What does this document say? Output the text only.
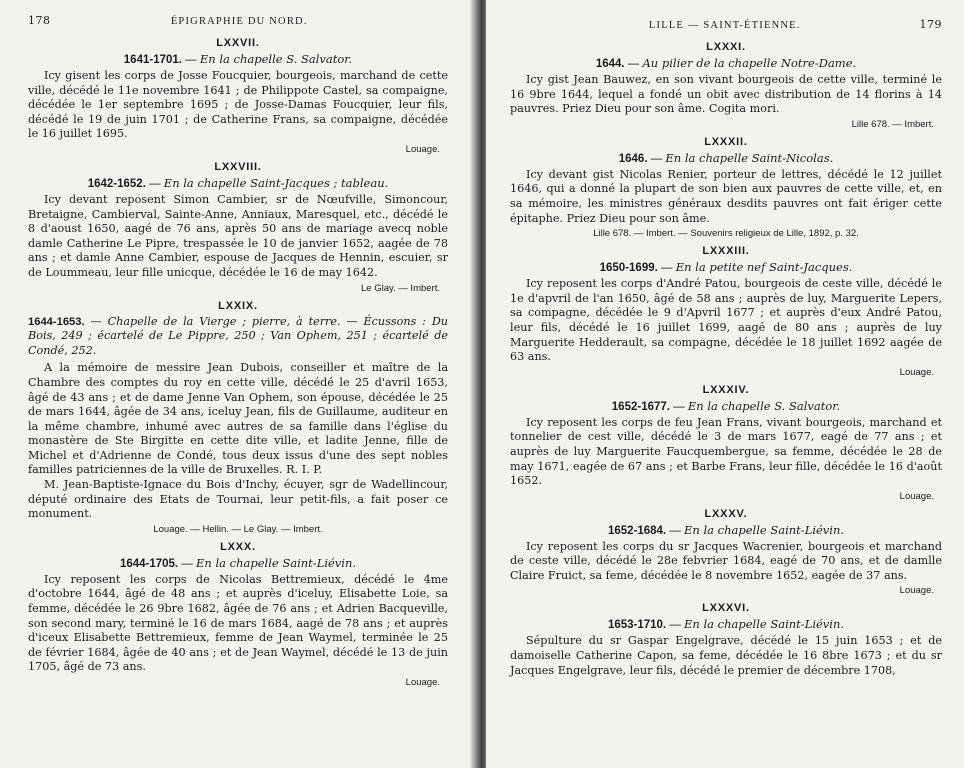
178	ÉPIGRAPHIE DU NORD.
LXXVII.
1641-1701. — En la chapelle S. Salvator.

Icy gisent les corps de Josse Foucquier, bourgeois, marchand de cette ville, décédé le 11e novembre 1641 ; de Philippote Castel, sa compaigne, décédée le 1er septembre 1695 ; de Josse-Damas Foucquier, leur fils, décédé le 19 de juin 1701 ; de Catherine Frans, sa compaigne, décédée le 16 juillet 1695.

Louage.
LXXVIII.
1642-1652. — En la chapelle Saint-Jacques ; tableau.

Icy devant reposent Simon Cambier, sr de Nœufville, Simoncour, Bretaigne, Cambierval, Sainte-Anne, Anniaux, Maresquel, etc., décédé le 8 d'aoust 1650, aagé de 76 ans, après 50 ans de mariage avecq noble damle Catherine Le Pipre, trespassée le 10 de janvier 1652, aagée de 78 ans ; et damle Anne Cambier, espouse de Jacques de Hennin, escuier, sr de Loummeau, leur fille unicque, décédée le 16 de may 1642.

Le Glay. — Imbert.
LXXIX.

1644-1653. — Chapelle de la Vierge ; pierre, à terre. — Écussons : Du Bois, 249 ; écartelé de Le Pippre, 250 ; Van Ophem, 251 ; écartelé de Condé, 252.

A la mémoire de messire Jean Dubois, conseiller et maître de la Chambre des comptes du roy en cette ville, décédé le 25 d'avril 1653, âgé de 43 ans ; et de dame Jenne Van Ophem, son épouse, décédée le 25 de mars 1644, âgée de 34 ans, iceluy Jean, fils de Guillaume, auditeur en la même chambre, inhumé avec autres de sa famille dans l'église du monastère de Ste Birgitte en cette dite ville, et ladite Jenne, fille de Michel et d'Adrienne de Condé, tous deux issus d'une des sept nobles familles patriciennes de la ville de Bruxelles. R. I. P.

M. Jean-Baptiste-Ignace du Bois d'Inchy, écuyer, sgr de Wadellincour, député ordinaire des Etats de Tournai, leur petit-fils, a fait poser ce monument.

Louage. — Hellin. — Le Glay. — Imbert.
LXXX.
1644-1705. — En la chapelle Saint-Liévin.

Icy reposent les corps de Nicolas Bettremieux, décédé le 4me d'octobre 1644, âgé de 48 ans ; et auprès d'iceluy, Elisabette Loie, sa femme, décédée le 26 9bre 1682, âgée de 76 ans ; et Adrien Bacqueville, son second mary, terminé le 16 de mars 1684, aagé de 78 ans ; et auprès d'iceux Elisabette Bettremieux, femme de Jean Waymel, terminée le 25 de février 1684, âgée de 40 ans ; et de Jean Waymel, décédé le 13 de juin 1705, âgé de 73 ans.

Louage.
LILLE — SAINT-ÉTIENNE.	179
LXXXI.
1644. — Au pilier de la chapelle Notre-Dame.

Icy gist Jean Bauwez, en son vivant bourgeois de cette ville, terminé le 16 9bre 1644, lequel a fondé un obit avec distribution de 14 florins à 14 pauvres. Priez Dieu pour son âme. Cogita mori.

Lille 678. — Imbert.
LXXXII.
1646. — En la chapelle Saint-Nicolas.

Icy devant gist Nicolas Renier, porteur de lettres, décédé le 12 juillet 1646, qui a donné la plupart de son bien aux pauvres de cette ville, et, en sa mémoire, les ministres généraux desdits pauvres ont fait ériger cette épitaphe. Priez Dieu pour son âme.

Lille 678. — Imbert. — Souvenirs religieux de Lille, 1892, p. 32.
LXXXIII.
1650-1699. — En la petite nef Saint-Jacques.

Icy reposent les corps d'André Patou, bourgeois de ceste ville, décédé le 1e d'apvril de l'an 1650, âgé de 58 ans ; auprès de luy, Marguerite Lepers, sa compagne, décédée le 9 d'Apvril 1677 ; et auprès d'eux André Patou, leur fils, décédé le 16 juillet 1699, aagé de 80 ans ; auprès de luy Marguerite Hedderault, sa compagne, décédée le 18 juillet 1692 aagée de 63 ans.

Louage.
LXXXIV.
1652-1677. — En la chapelle S. Salvator.

Icy reposent les corps de feu Jean Frans, vivant bourgeois, marchand et tonnelier de cest ville, décédé le 3 de mars 1677, eagé de 77 ans ; et auprès de luy Marguerite Faucquembergue, sa femme, décédée le 28 de may 1671, eagée de 67 ans ; et Barbe Frans, leur fille, décédée le 16 d'août 1652.

Louage.
LXXXV.
1652-1684. — En la chapelle Saint-Liévin.

Icy reposent les corps du sr Jacques Wacrenier, bourgeois et marchand de ceste ville, décédé le 28e febvrier 1684, eagé de 70 ans, et de damlle Claire Fruict, sa feme, décédée le 8 novembre 1652, eagée de 37 ans.

Louage.
LXXXVI.
1653-1710. — En la chapelle Saint-Liévin.

Sépulture du sr Gaspar Engelgrave, décédé le 15 juin 1653 ; et de damoiselle Catherine Capon, sa feme, décédée le 16 8bre 1673 ; et du sr Jacques Engelgrave, leur fils, décédé le premier de décembre 1708,
